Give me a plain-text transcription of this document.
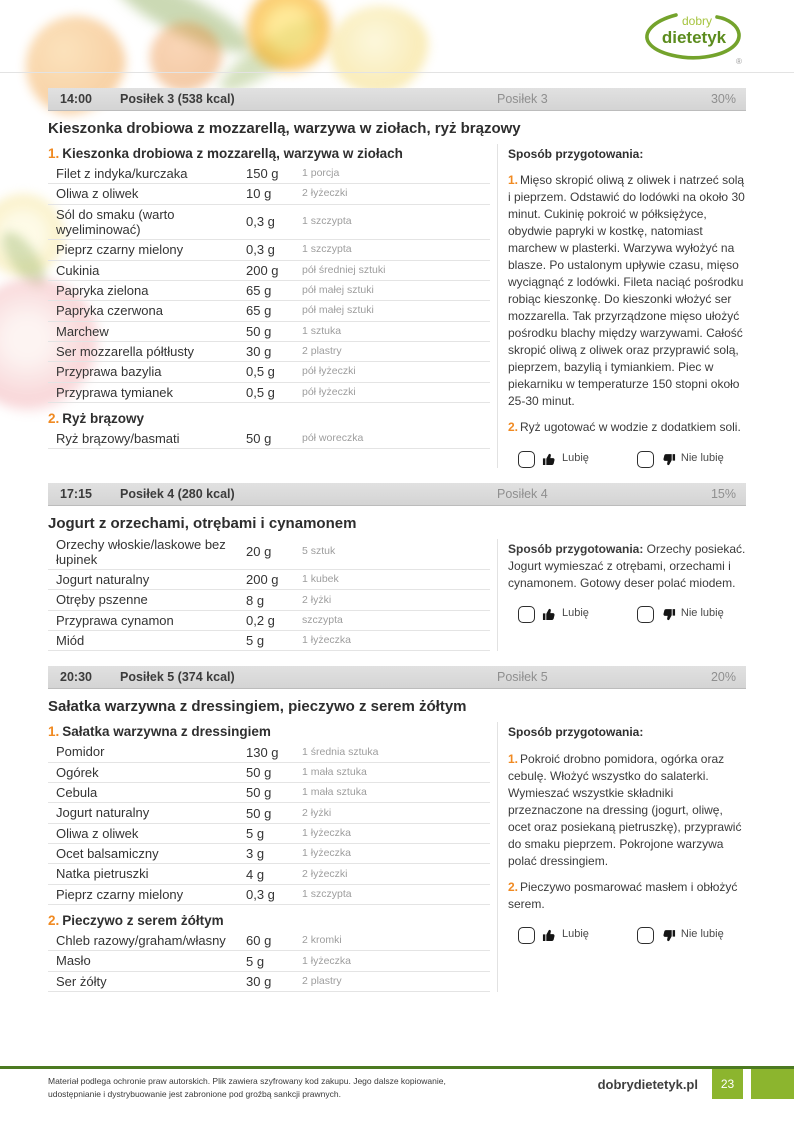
dobry
dietetyk
®
14:00 Posiłek 3 (538 kcal)	Posiłek 3	30%
Kieszonka drobiowa z mozzarellą, warzywa w ziołach, ryż brązowy
1. Kieszonka drobiowa z mozzarellą, warzywa w ziołach
Filet z indyka/kurczaka	150 g	1 porcja
Oliwa z oliwek	10 g	2 łyżeczki
Sól do smaku (warto wyeliminować)	0,3 g	1 szczypta
Pieprz czarny mielony	0,3 g	1 szczypta
Cukinia	200 g	pół średniej sztuki
Papryka zielona	65 g	pół małej sztuki
Papryka czerwona	65 g	pół małej sztuki
Marchew	50 g	1 sztuka
Ser mozzarella półtłusty	30 g	2 plastry
Przyprawa bazylia	0,5 g	pół łyżeczki
Przyprawa tymianek	0,5 g	pół łyżeczki
2. Ryż brązowy
Ryż brązowy/basmati	50 g	pół woreczka

Sposób przygotowania:

1. Mięso skropić oliwą z oliwek i natrzeć solą i pieprzem. Odstawić do lodówki na około 30 minut. Cukinię pokroić w półksiężyce, obydwie papryki w kostkę, natomiast marchew w plasterki. Warzywa wyłożyć na blasze. Po ustalonym upływie czasu, mięso wyciągnąć z lodówki. Fileta naciąć pośrodku robiąc kieszonkę. Do kieszonki włożyć ser mozzarella. Tak przyrządzone mięso ułożyć pośrodku blachy między warzywami. Całość skropić oliwą z oliwek oraz przyprawić solą, pieprzem, bazylią i tymiankiem. Piec w piekarniku w temperaturze 150 stopni około 25-30 minut.

2. Ryż ugotować w wodzie z dodatkiem soli.

Lubię	Nie lubię
17:15 Posiłek 4 (280 kcal)	Posiłek 4	15%
Jogurt z orzechami, otrębami i cynamonem
Orzechy włoskie/laskowe bez łupinek	20 g	5 sztuk
Jogurt naturalny	200 g	1 kubek
Otręby pszenne	8 g	2 łyżki
Przyprawa cynamon	0,2 g	szczypta
Miód	5 g	1 łyżeczka

Sposób przygotowania: Orzechy posiekać. Jogurt wymieszać z otrębami, orzechami i cynamonem. Gotowy deser polać miodem.

Lubię	Nie lubię
20:30 Posiłek 5 (374 kcal)	Posiłek 5	20%
Sałatka warzywna z dressingiem, pieczywo z serem żółtym
1. Sałatka warzywna z dressingiem
Pomidor	130 g	1 średnia sztuka
Ogórek	50 g	1 mała sztuka
Cebula	50 g	1 mała sztuka
Jogurt naturalny	50 g	2 łyżki
Oliwa z oliwek	5 g	1 łyżeczka
Ocet balsamiczny	3 g	1 łyżeczka
Natka pietruszki	4 g	2 łyżeczki
Pieprz czarny mielony	0,3 g	1 szczypta
2. Pieczywo z serem żółtym
Chleb razowy/graham/własny	60 g	2 kromki
Masło	5 g	1 łyżeczka
Ser żółty	30 g	2 plastry

Sposób przygotowania:

1. Pokroić drobno pomidora, ogórka oraz cebulę. Włożyć wszystko do salaterki. Wymieszać wszystkie składniki przeznaczone na dressing (jogurt, oliwę, ocet oraz posiekaną pietruszkę), przyprawić do smaku pieprzem. Pokrojone warzywa polać dressingiem.

2. Pieczywo posmarować masłem i obłożyć serem.

Lubię	Nie lubię
Materiał podlega ochronie praw autorskich. Plik zawiera szyfrowany kod zakupu. Jego dalsze kopiowanie, udostępnianie i dystrybuowanie jest zabronione pod groźbą sankcji prawnych.
dobrydietetyk.pl	23
